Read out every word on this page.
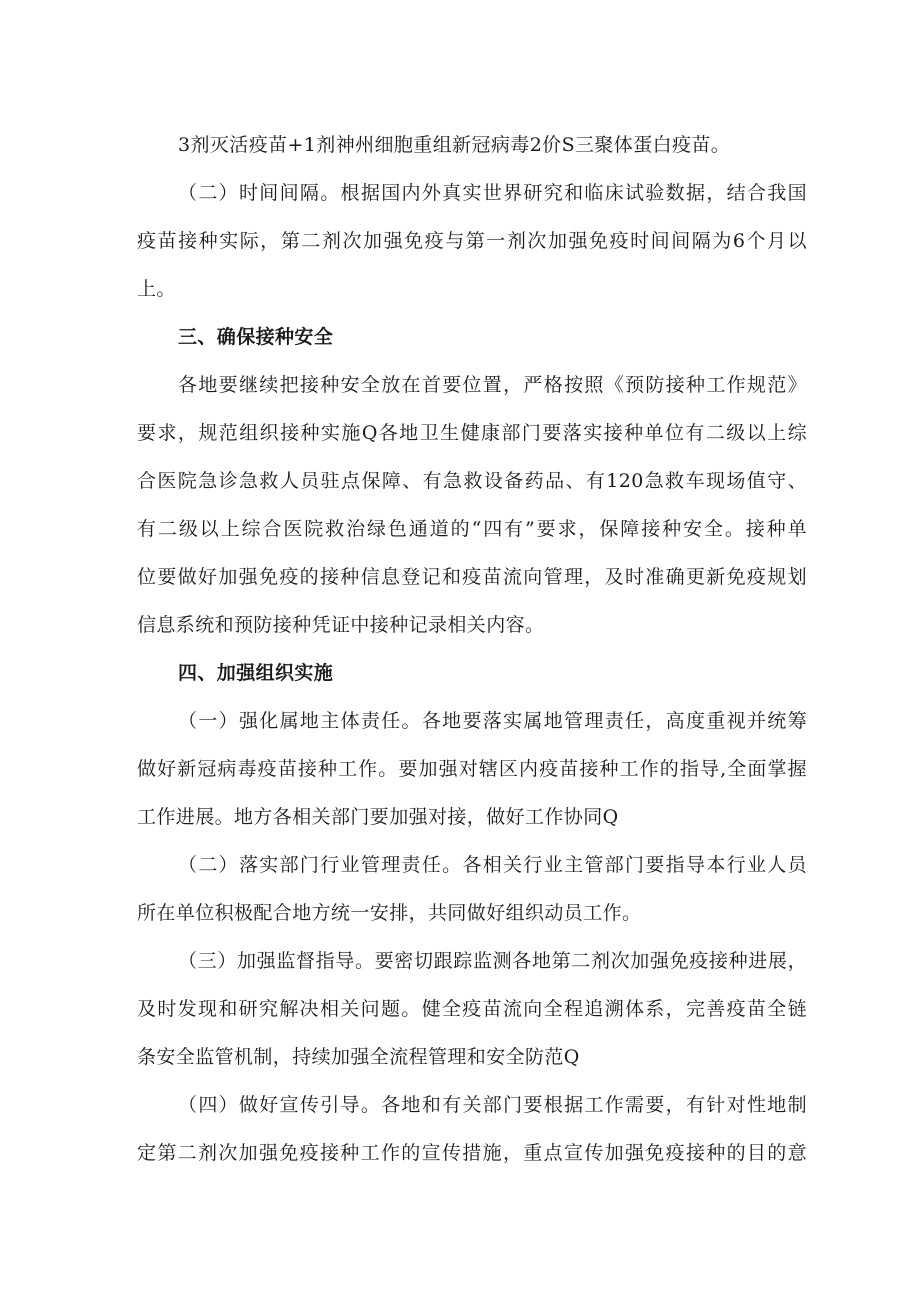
3剂灭活疫苗+1剂神州细胞重组新冠病毒2价S三聚体蛋白疫苗。
（二）时间间隔。根据国内外真实世界研究和临床试验数据，结合我国
疫苗接种实际，第二剂次加强免疫与第一剂次加强免疫时间间隔为6个月以
上。
三、确保接种安全
各地要继续把接种安全放在首要位置，严格按照《预防接种工作规范》
要求，规范组织接种实施Q各地卫生健康部门要落实接种单位有二级以上综
合医院急诊急救人员驻点保障、有急救设备药品、有120急救车现场值守、
有二级以上综合医院救治绿色通道的“四有”要求，保障接种安全。接种单
位要做好加强免疫的接种信息登记和疫苗流向管理，及时准确更新免疫规划
信息系统和预防接种凭证中接种记录相关内容。
四、加强组织实施
（一）强化属地主体责任。各地要落实属地管理责任，高度重视并统筹
做好新冠病毒疫苗接种工作。要加强对辖区内疫苗接种工作的指导,全面掌握
工作进展。地方各相关部门要加强对接，做好工作协同Q
（二）落实部门行业管理责任。各相关行业主管部门要指导本行业人员
所在单位积极配合地方统一安排，共同做好组织动员工作。
（三）加强监督指导。要密切跟踪监测各地第二剂次加强免疫接种进展，
及时发现和研究解决相关问题。健全疫苗流向全程追溯体系，完善疫苗全链
条安全监管机制，持续加强全流程管理和安全防范Q
（四）做好宣传引导。各地和有关部门要根据工作需要，有针对性地制
定第二剂次加强免疫接种工作的宣传措施，重点宣传加强免疫接种的目的意
